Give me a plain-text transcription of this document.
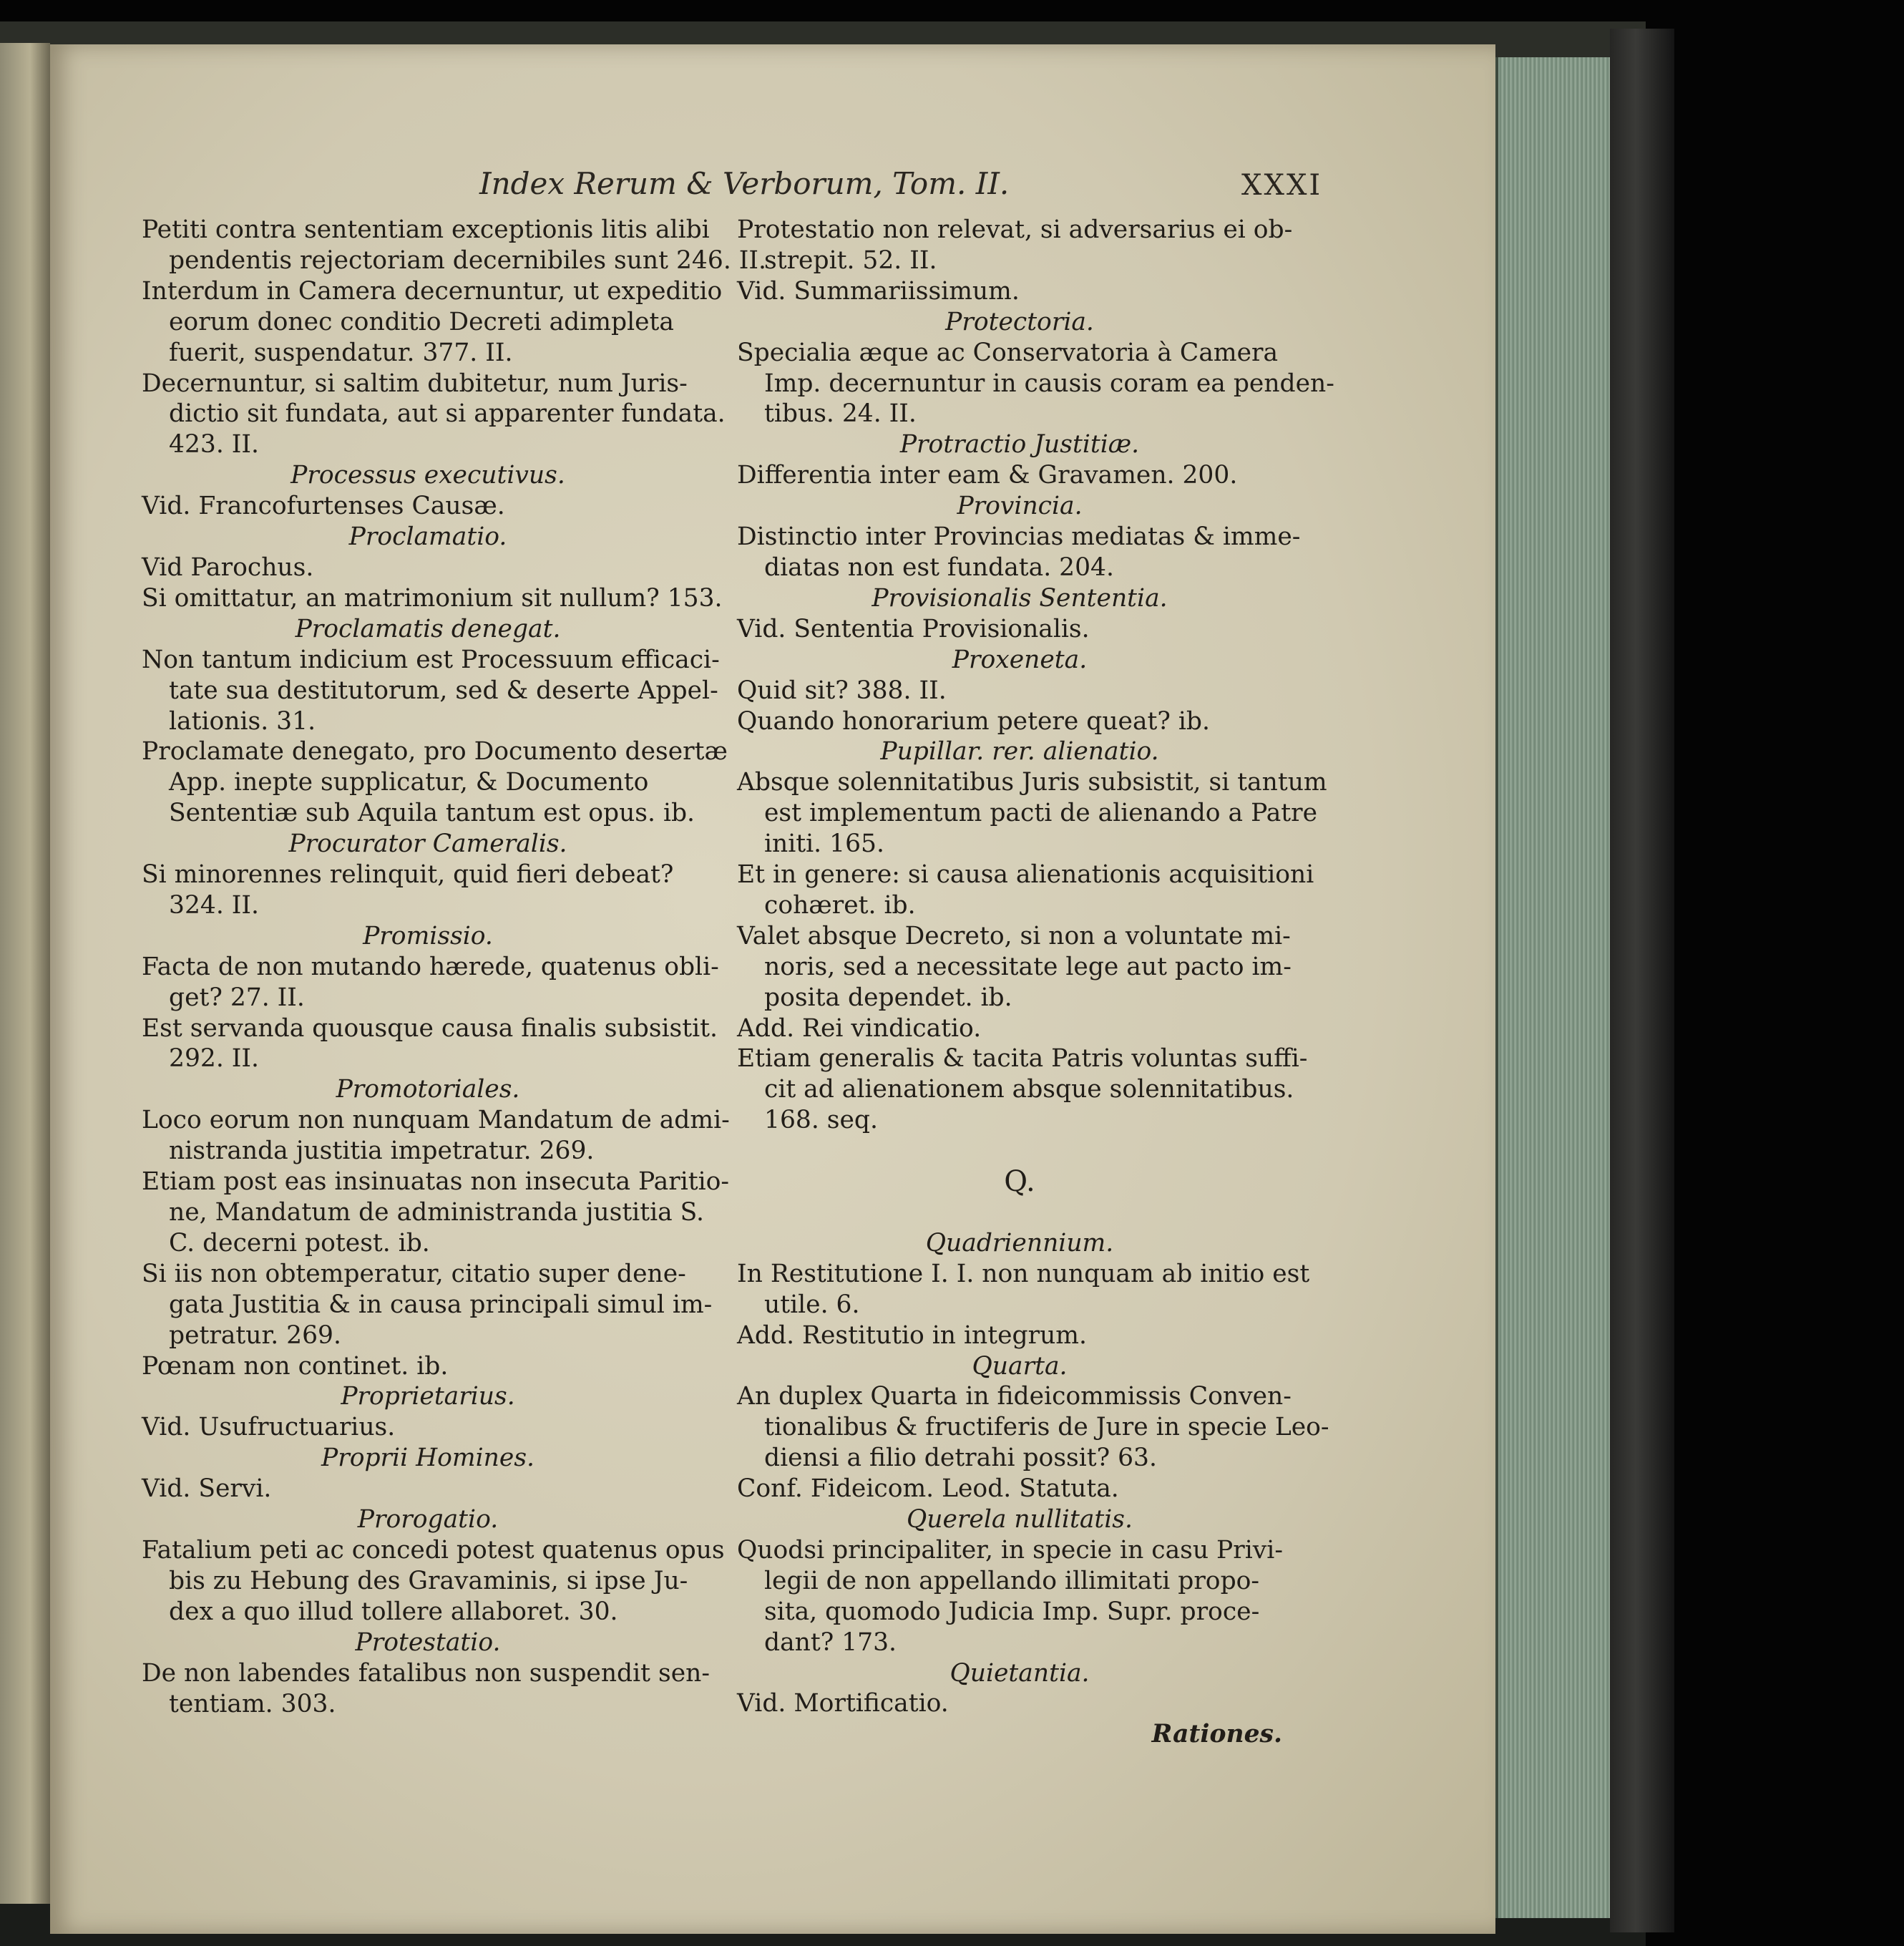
Index Rerum & Verborum, Tom. II.	XXXI
Petiti contra sententiam exceptionis litis alibi
pendentis rejectoriam decernibiles sunt 246. II.
Interdum in Camera decernuntur, ut expeditio
eorum donec conditio Decreti adimpleta
fuerit, suspendatur. 377. II.
Decernuntur, si saltim dubitetur, num Juris-
dictio sit fundata, aut si apparenter fundata.
423. II.
Processus executivus.
Vid. Francofurtenses Causæ.
Proclamatio.
Vid Parochus.
Si omittatur, an matrimonium sit nullum? 153.
Proclamatis denegat.
Non tantum indicium est Processuum efficaci-
tate sua destitutorum, sed & deserte Appel-
lationis. 31.
Proclamate denegato, pro Documento desertæ
App. inepte supplicatur, & Documento
Sententiæ sub Aquila tantum est opus. ib.
Procurator Cameralis.
Si minorennes relinquit, quid fieri debeat?
324. II.
Promissio.
Facta de non mutando hærede, quatenus obli-
get? 27. II.
Est servanda quousque causa finalis subsistit.
292. II.
Promotoriales.
Loco eorum non nunquam Mandatum de admi-
nistranda justitia impetratur. 269.
Etiam post eas insinuatas non insecuta Paritio-
ne, Mandatum de administranda justitia S.
C. decerni potest. ib.
Si iis non obtemperatur, citatio super dene-
gata Justitia & in causa principali simul im-
petratur. 269.
Pœnam non continet. ib.
Proprietarius.
Vid. Usufructuarius.
Proprii Homines.
Vid. Servi.
Prorogatio.
Fatalium peti ac concedi potest quatenus opus
bis zu Hebung des Gravaminis, si ipse Ju-
dex a quo illud tollere allaboret. 30.
Protestatio.
De non labendes fatalibus non suspendit sen-
tentiam. 303.
Protestatio non relevat, si adversarius ei ob-
strepit. 52. II.
Vid. Summariissimum.
Protectoria.
Specialia æque ac Conservatoria à Camera
Imp. decernuntur in causis coram ea penden-
tibus. 24. II.
Protractio Justitiæ.
Differentia inter eam & Gravamen. 200.
Provincia.
Distinctio inter Provincias mediatas & imme-
diatas non est fundata. 204.
Provisionalis Sententia.
Vid. Sententia Provisionalis.
Proxeneta.
Quid sit? 388. II.
Quando honorarium petere queat? ib.
Pupillar. rer. alienatio.
Absque solennitatibus Juris subsistit, si tantum
est implementum pacti de alienando a Patre
initi. 165.
Et in genere: si causa alienationis acquisitioni
cohæret. ib.
Valet absque Decreto, si non a voluntate mi-
noris, sed a necessitate lege aut pacto im-
posita dependet. ib.
Add. Rei vindicatio.
Etiam generalis & tacita Patris voluntas suffi-
cit ad alienationem absque solennitatibus.
168. seq.
Q.
Quadriennium.
In Restitutione I. I. non nunquam ab initio est
utile. 6.
Add. Restitutio in integrum.
Quarta.
An duplex Quarta in fideicommissis Conven-
tionalibus & fructiferis de Jure in specie Leo-
diensi a filio detrahi possit? 63.
Conf. Fideicom. Leod. Statuta.
Querela nullitatis.
Quodsi principaliter, in specie in casu Privi-
legii de non appellando illimitati propo-
sita, quomodo Judicia Imp. Supr. proce-
dant? 173.
Quietantia.
Vid. Mortificatio.
Rationes.
